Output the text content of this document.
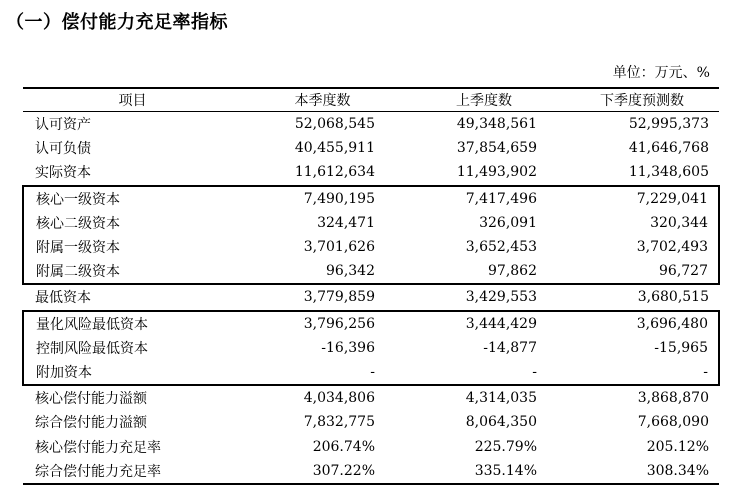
（一）偿付能力充足率指标
单位：万元、%
项目	本季度数	上季度数	下季度预测数
认可资产	52,068,545	49,348,561	52,995,373
认可负债	40,455,911	37,854,659	41,646,768
实际资本	11,612,634	11,493,902	11,348,605
核心一级资本	7,490,195	7,417,496	7,229,041
核心二级资本	324,471	326,091	320,344
附属一级资本	3,701,626	3,652,453	3,702,493
附属二级资本	96,342	97,862	96,727
最低资本	3,779,859	3,429,553	3,680,515
量化风险最低资本	3,796,256	3,444,429	3,696,480
控制风险最低资本	-16,396	-14,877	-15,965
附加资本	-	-	-
核心偿付能力溢额	4,034,806	4,314,035	3,868,870
综合偿付能力溢额	7,832,775	8,064,350	7,668,090
核心偿付能力充足率	206.74%	225.79%	205.12%
综合偿付能力充足率	307.22%	335.14%	308.34%
